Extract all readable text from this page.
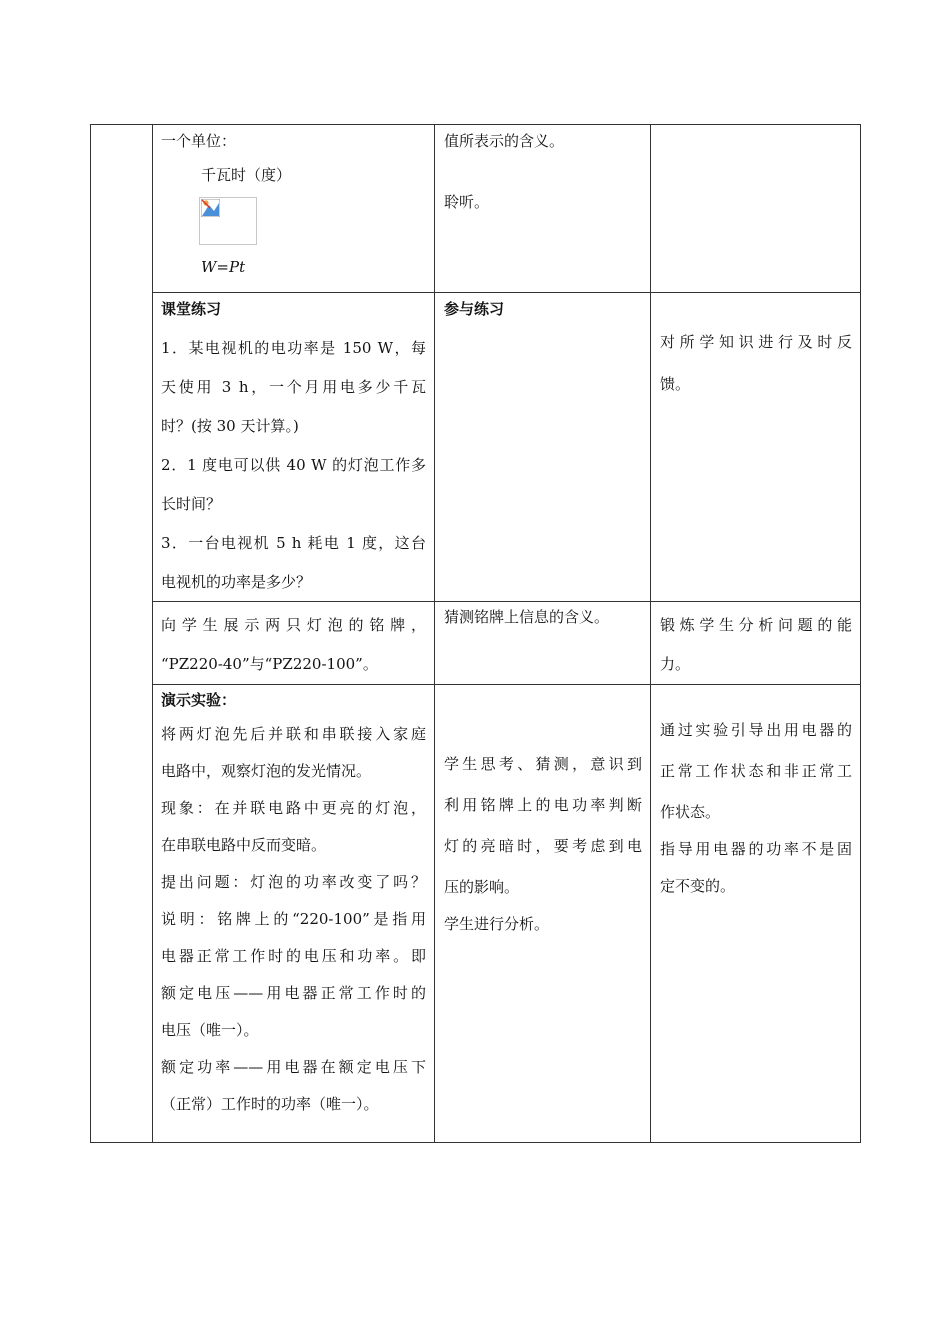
一个单位：

千瓦时（度）

W=Pt

值所表示的含义。

聆听。

课堂练习

1．某电视机的电功率是 150 W，每

天使用 3 h，一个月用电多少千瓦

时？(按 30 天计算。)

2．1 度电可以供 40 W 的灯泡工作多

长时间？

3．一台电视机 5 h 耗电 1 度，这台

电视机的功率是多少？

参与练习

对所学知识进行及时反

馈。

向学生展示两只灯泡的铭牌，

“PZ220-40”与“PZ220-100”。

猜测铭牌上信息的含义。	锻炼学生分析问题的能

力。

演示实验：

将两灯泡先后并联和串联接入家庭

电路中，观察灯泡的发光情况。

现象：在并联电路中更亮的灯泡，

在串联电路中反而变暗。

提出问题：灯泡的功率改变了吗？

说明：铭牌上的“220-100”是指用

电器正常工作时的电压和功率。即

额定电压——用电器正常工作时的

电压（唯一）。

额定功率——用电器在额定电压下

（正常）工作时的功率（唯一）。

学生思考、猜测，意识到

利用铭牌上的电功率判断

灯的亮暗时，要考虑到电

压的影响。

学生进行分析。

通过实验引导出用电器的

正常工作状态和非正常工

作状态。

指导用电器的功率不是固

定不变的。
